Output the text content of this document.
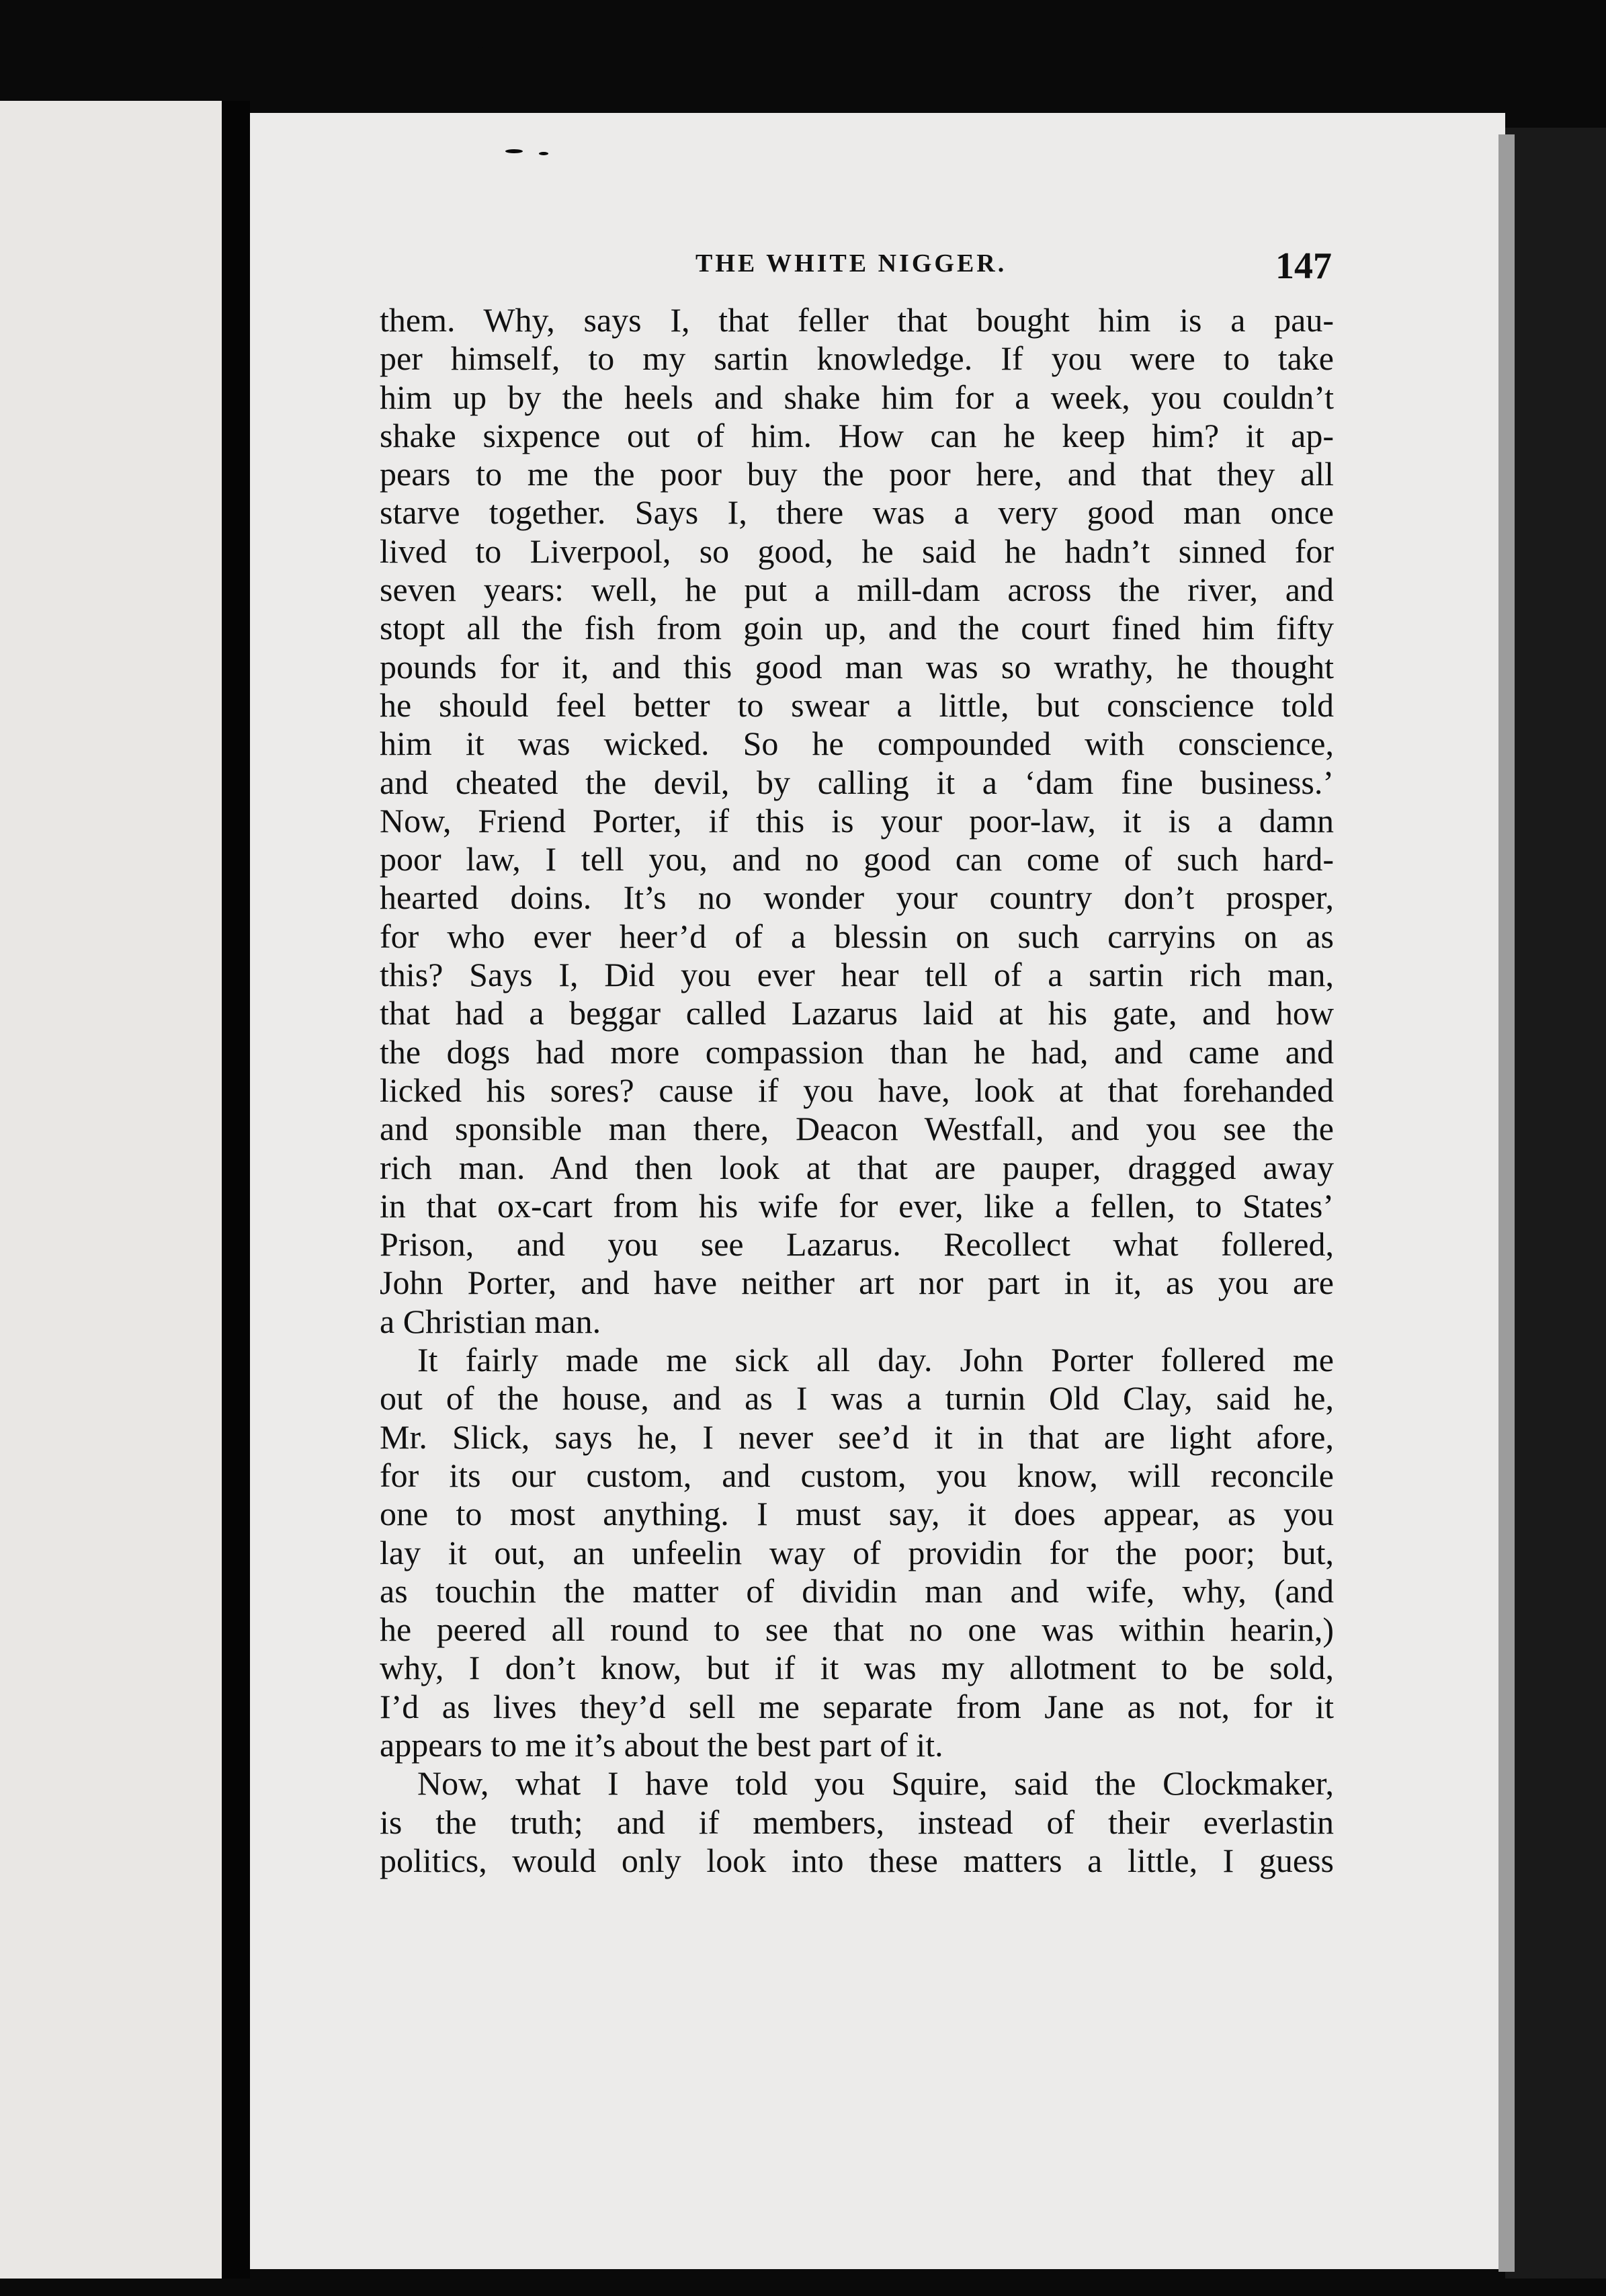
THE WHITE NIGGER.	147
them. Why, says I, that feller that bought him is a pau-
per himself, to my sartin knowledge. If you were to take
him up by the heels and shake him for a week, you couldn’t
shake sixpence out of him. How can he keep him? it ap-
pears to me the poor buy the poor here, and that they all
starve together. Says I, there was a very good man once
lived to Liverpool, so good, he said he hadn’t sinned for
seven years: well, he put a mill-dam across the river, and
stopt all the fish from goin up, and the court fined him fifty
pounds for it, and this good man was so wrathy, he thought
he should feel better to swear a little, but conscience told
him it was wicked. So he compounded with conscience,
and cheated the devil, by calling it a ‘dam fine business.’
Now, Friend Porter, if this is your poor-law, it is a damn
poor law, I tell you, and no good can come of such hard-
hearted doins. It’s no wonder your country don’t prosper,
for who ever heer’d of a blessin on such carryins on as
this? Says I, Did you ever hear tell of a sartin rich man,
that had a beggar called Lazarus laid at his gate, and how
the dogs had more compassion than he had, and came and
licked his sores? cause if you have, look at that forehanded
and sponsible man there, Deacon Westfall, and you see the
rich man. And then look at that are pauper, dragged away
in that ox-cart from his wife for ever, like a fellen, to States’
Prison, and you see Lazarus. Recollect what follered,
John Porter, and have neither art nor part in it, as you are
a Christian man.
It fairly made me sick all day. John Porter follered me
out of the house, and as I was a turnin Old Clay, said he,
Mr. Slick, says he, I never see’d it in that are light afore,
for its our custom, and custom, you know, will reconcile
one to most anything. I must say, it does appear, as you
lay it out, an unfeelin way of providin for the poor; but,
as touchin the matter of dividin man and wife, why, (and
he peered all round to see that no one was within hearin,)
why, I don’t know, but if it was my allotment to be sold,
I’d as lives they’d sell me separate from Jane as not, for it
appears to me it’s about the best part of it.
Now, what I have told you Squire, said the Clockmaker,
is the truth; and if members, instead of their everlastin
politics, would only look into these matters a little, I guess
